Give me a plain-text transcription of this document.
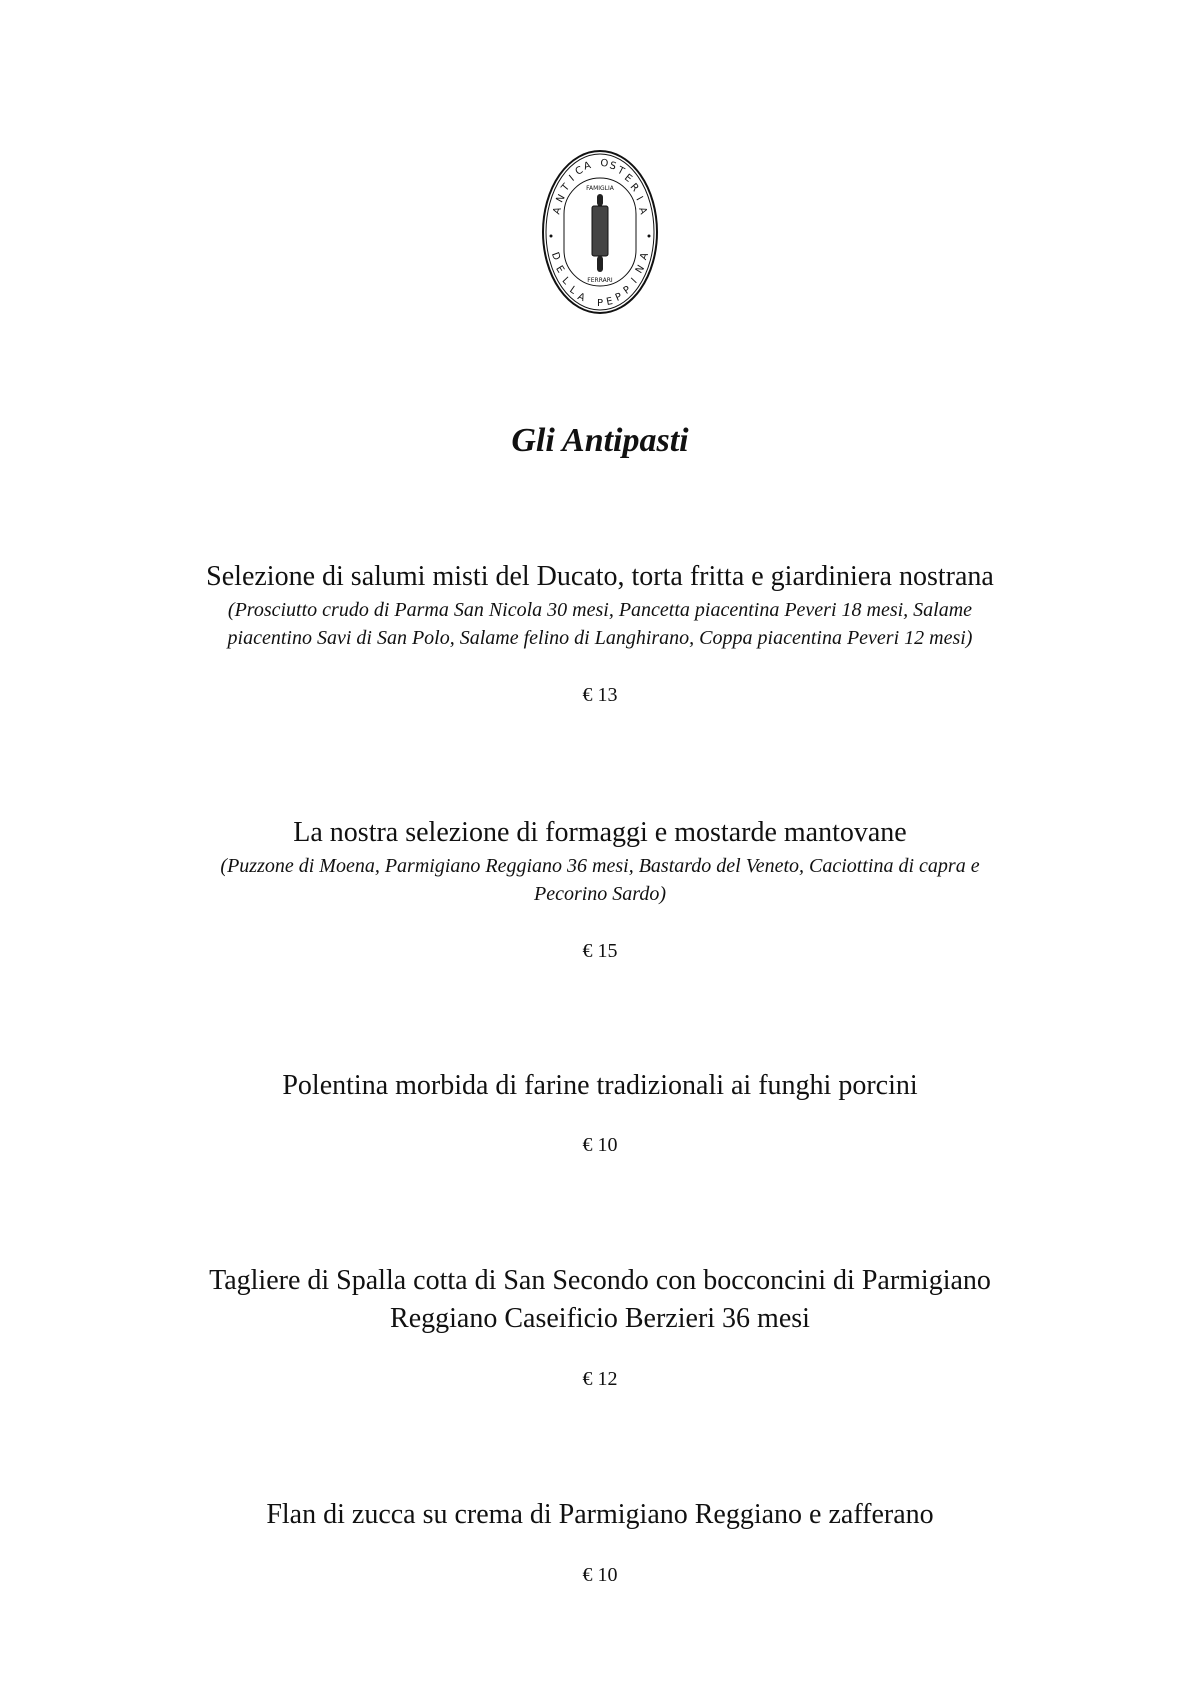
FAMIGLIA
FERRARI
A
N
T
I
C
A O S
T
E
R
I
A
D
E
L
L
A P E P
P
I
N
A
Gli Antipasti
Selezione di salumi misti del Ducato, torta fritta e giardiniera nostrana
(Prosciutto crudo di Parma San Nicola 30 mesi, Pancetta piacentina Peveri 18 mesi, Salame
piacentino Savi di San Polo, Salame felino di Langhirano, Coppa piacentina Peveri 12 mesi)
€ 13
La nostra selezione di formaggi e mostarde mantovane
(Puzzone di Moena, Parmigiano Reggiano 36 mesi, Bastardo del Veneto, Caciottina di capra e
Pecorino Sardo)
€ 15
Polentina morbida di farine tradizionali ai funghi porcini
€ 10
Tagliere di Spalla cotta di San Secondo con bocconcini di Parmigiano
Reggiano Caseificio Berzieri 36 mesi
€ 12
Flan di zucca su crema di Parmigiano Reggiano e zafferano
€ 10
